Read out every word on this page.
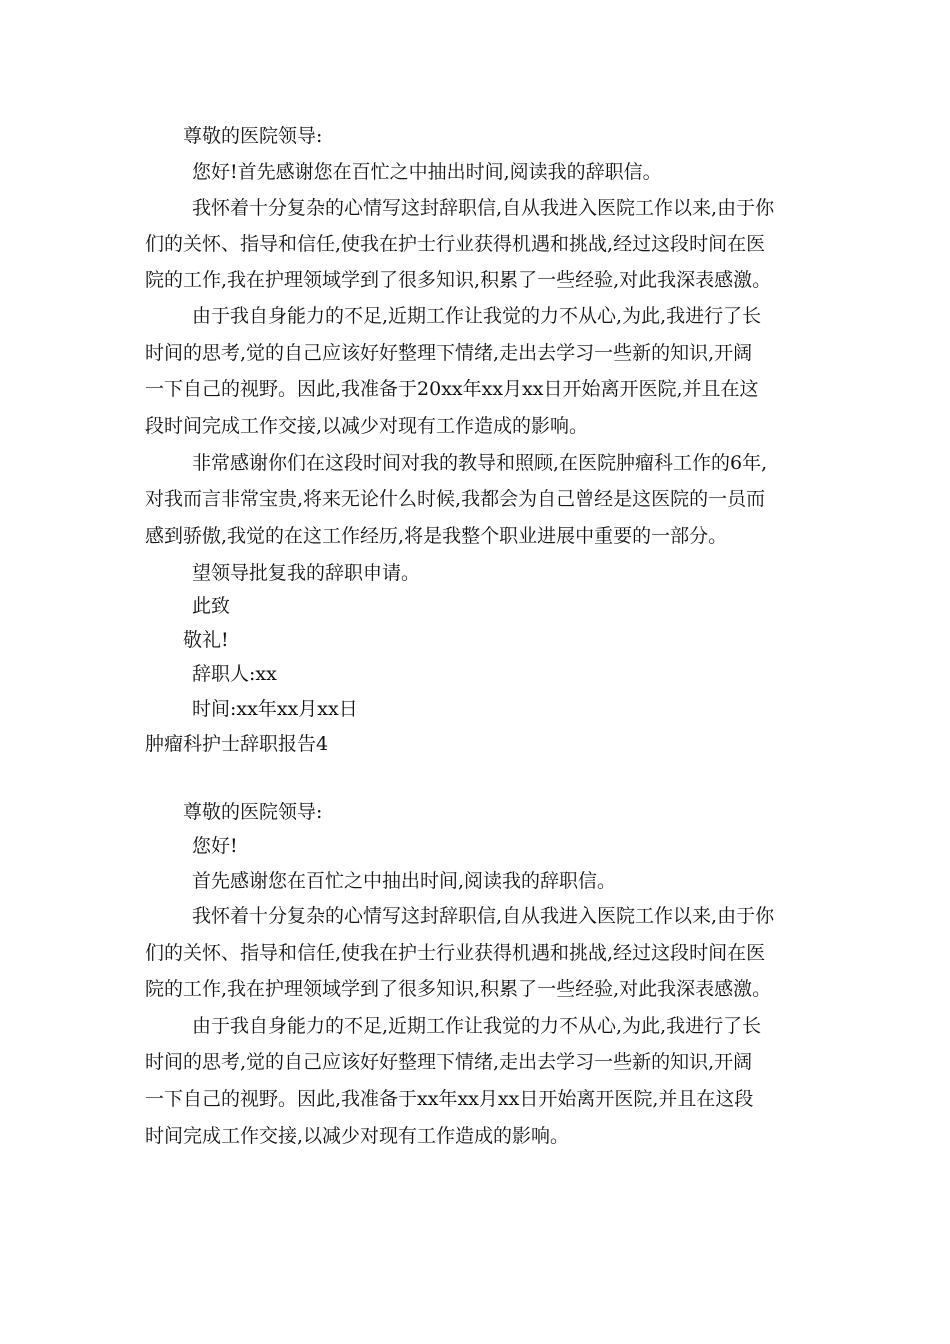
尊敬的医院领导:
您好!首先感谢您在百忙之中抽出时间,阅读我的辞职信。
我怀着十分复杂的心情写这封辞职信,自从我进入医院工作以来,由于你
们的关怀、指导和信任,使我在护士行业获得机遇和挑战,经过这段时间在医
院的工作,我在护理领域学到了很多知识,积累了一些经验,对此我深表感激。
由于我自身能力的不足,近期工作让我觉的力不从心,为此,我进行了长
时间的思考,觉的自己应该好好整理下情绪,走出去学习一些新的知识,开阔
一下自己的视野。因此,我准备于20xx年xx月xx日开始离开医院,并且在这
段时间完成工作交接,以减少对现有工作造成的影响。
非常感谢你们在这段时间对我的教导和照顾,在医院肿瘤科工作的6年,
对我而言非常宝贵,将来无论什么时候,我都会为自己曾经是这医院的一员而
感到骄傲,我觉的在这工作经历,将是我整个职业进展中重要的一部分。
望领导批复我的辞职申请。
此致
敬礼!
辞职人:xx
时间:xx年xx月xx日
肿瘤科护士辞职报告4
尊敬的医院领导:
您好!
首先感谢您在百忙之中抽出时间,阅读我的辞职信。
我怀着十分复杂的心情写这封辞职信,自从我进入医院工作以来,由于你
们的关怀、指导和信任,使我在护士行业获得机遇和挑战,经过这段时间在医
院的工作,我在护理领域学到了很多知识,积累了一些经验,对此我深表感激。
由于我自身能力的不足,近期工作让我觉的力不从心,为此,我进行了长
时间的思考,觉的自己应该好好整理下情绪,走出去学习一些新的知识,开阔
一下自己的视野。因此,我准备于xx年xx月xx日开始离开医院,并且在这段
时间完成工作交接,以减少对现有工作造成的影响。
